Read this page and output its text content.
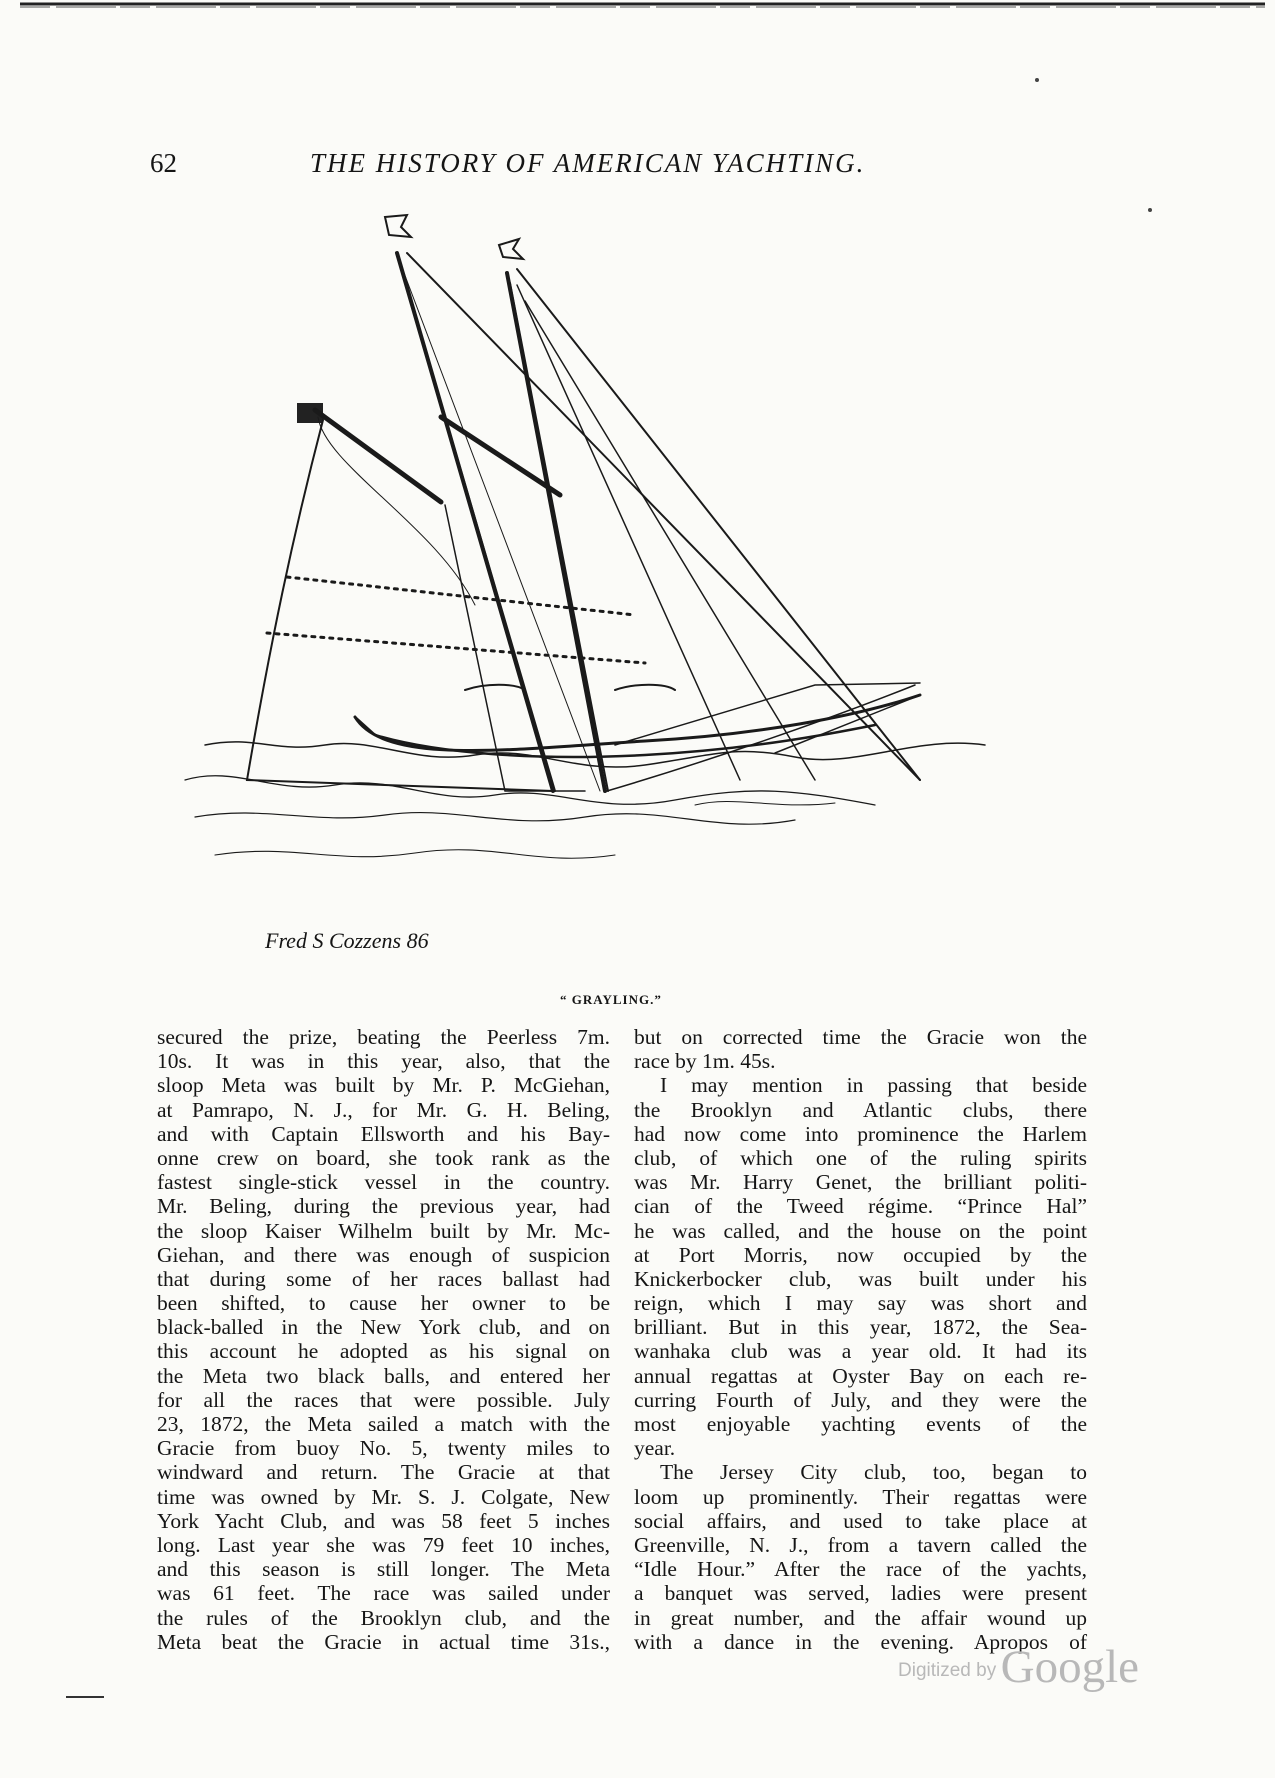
62	THE HISTORY OF AMERICAN YACHTING.
Fred S Cozzens 86
“ GRAYLING.”
secured the prize, beating the Peerless 7m.
10s. It was in this year, also, that the
sloop Meta was built by Mr. P. McGiehan,
at Pamrapo, N. J., for Mr. G. H. Beling,
and with Captain Ellsworth and his Bay-
onne crew on board, she took rank as the
fastest single-stick vessel in the country.
Mr. Beling, during the previous year, had
the sloop Kaiser Wilhelm built by Mr. Mc-
Giehan, and there was enough of suspicion
that during some of her races ballast had
been shifted, to cause her owner to be
black-balled in the New York club, and on
this account he adopted as his signal on
the Meta two black balls, and entered her
for all the races that were possible. July
23, 1872, the Meta sailed a match with the
Gracie from buoy No. 5, twenty miles to
windward and return. The Gracie at that
time was owned by Mr. S. J. Colgate, New
York Yacht Club, and was 58 feet 5 inches
long. Last year she was 79 feet 10 inches,
and this season is still longer. The Meta
was 61 feet. The race was sailed under
the rules of the Brooklyn club, and the
Meta beat the Gracie in actual time 31s.,
but on corrected time the Gracie won the
race by 1m. 45s.
I may mention in passing that beside
the Brooklyn and Atlantic clubs, there
had now come into prominence the Harlem
club, of which one of the ruling spirits
was Mr. Harry Genet, the brilliant politi-
cian of the Tweed régime. “Prince Hal”
he was called, and the house on the point
at Port Morris, now occupied by the
Knickerbocker club, was built under his
reign, which I may say was short and
brilliant. But in this year, 1872, the Sea-
wanhaka club was a year old. It had its
annual regattas at Oyster Bay on each re-
curring Fourth of July, and they were the
most enjoyable yachting events of the
year.
The Jersey City club, too, began to
loom up prominently. Their regattas were
social affairs, and used to take place at
Greenville, N. J., from a tavern called the
“Idle Hour.” After the race of the yachts,
a banquet was served, ladies were present
in great number, and the affair wound up
with a dance in the evening. Apropos of
Digitized by Google
